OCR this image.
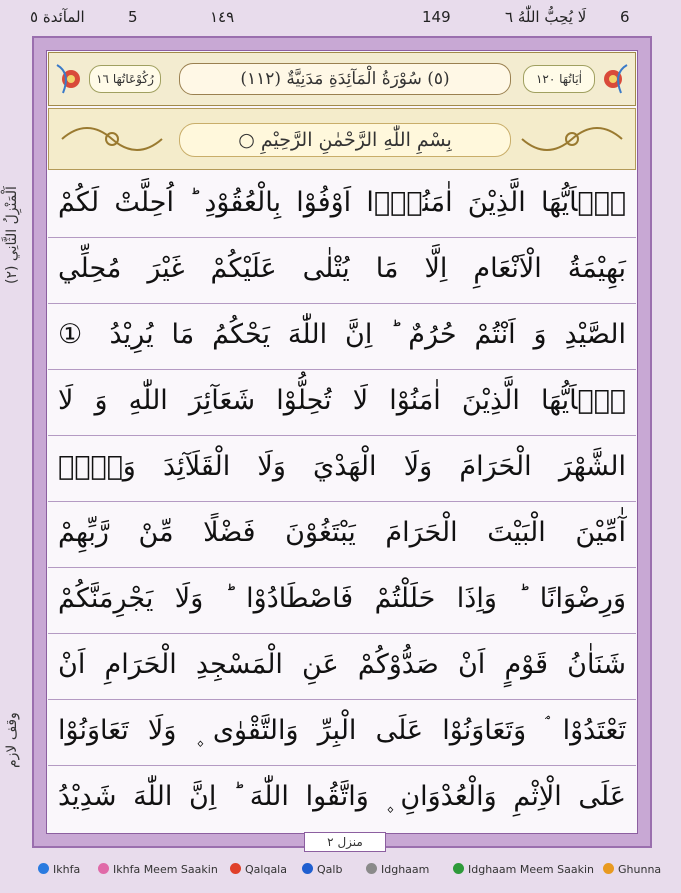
المآئدة ٥	5	١٤٩	149	لَا يُحِبُّ اللّٰهُ ٦ 6
اَلْمَنْزِلُ الثَّانِي (٢)
وقف لازم
رُكُوْعَاتُهَا ١٦	(٥) سُوْرَةُ الْمَآئِدَةِ مَدَنِيَّةٌ (١١٢)	اٰيَاتُهَا ١٢٠
بِسْمِ اللّٰهِ الرَّحْمٰنِ الرَّحِيْمِ ○
يٰۤاَيُّهَا الَّذِيْنَ اٰمَنُوْۤا اَوْفُوْا بِالْعُقُوْدِ ؕ اُحِلَّتْ لَكُمْ
بَهِيْمَةُ الْاَنْعَامِ اِلَّا مَا يُتْلٰى عَلَيْكُمْ غَيْرَ مُحِلِّي
الصَّيْدِ وَ اَنْتُمْ حُرُمٌ ؕ اِنَّ اللّٰهَ يَحْكُمُ مَا يُرِيْدُ ①
يٰۤاَيُّهَا الَّذِيْنَ اٰمَنُوْا لَا تُحِلُّوْا شَعَآئِرَ اللّٰهِ وَ لَا
الشَّهْرَ الْحَرَامَ وَلَا الْهَدْيَ وَلَا الْقَلَآئِدَ وَلَاۤ
آٰمِّيْنَ الْبَيْتَ الْحَرَامَ يَبْتَغُوْنَ فَضْلًا مِّنْ رَّبِّهِمْ
وَرِضْوَانًا ؕ وَاِذَا حَلَلْتُمْ فَاصْطَادُوْا ؕ وَلَا يَجْرِمَنَّكُمْ
شَنَاٰنُ قَوْمٍ اَنْ صَدُّوْكُمْ عَنِ الْمَسْجِدِ الْحَرَامِ اَنْ
تَعْتَدُوْا ۘ وَتَعَاوَنُوْا عَلَى الْبِرِّ وَالتَّقْوٰى ۪ وَلَا تَعَاوَنُوْا
عَلَى الْاِثْمِ وَالْعُدْوَانِ ۪ وَاتَّقُوا اللّٰهَ ؕ اِنَّ اللّٰهَ شَدِيْدُ
منزل ٢
Ikhfa	Ikhfa Meem Saakin	Qalqala	Qalb	Idghaam	Idghaam Meem Saakin	Ghunna
